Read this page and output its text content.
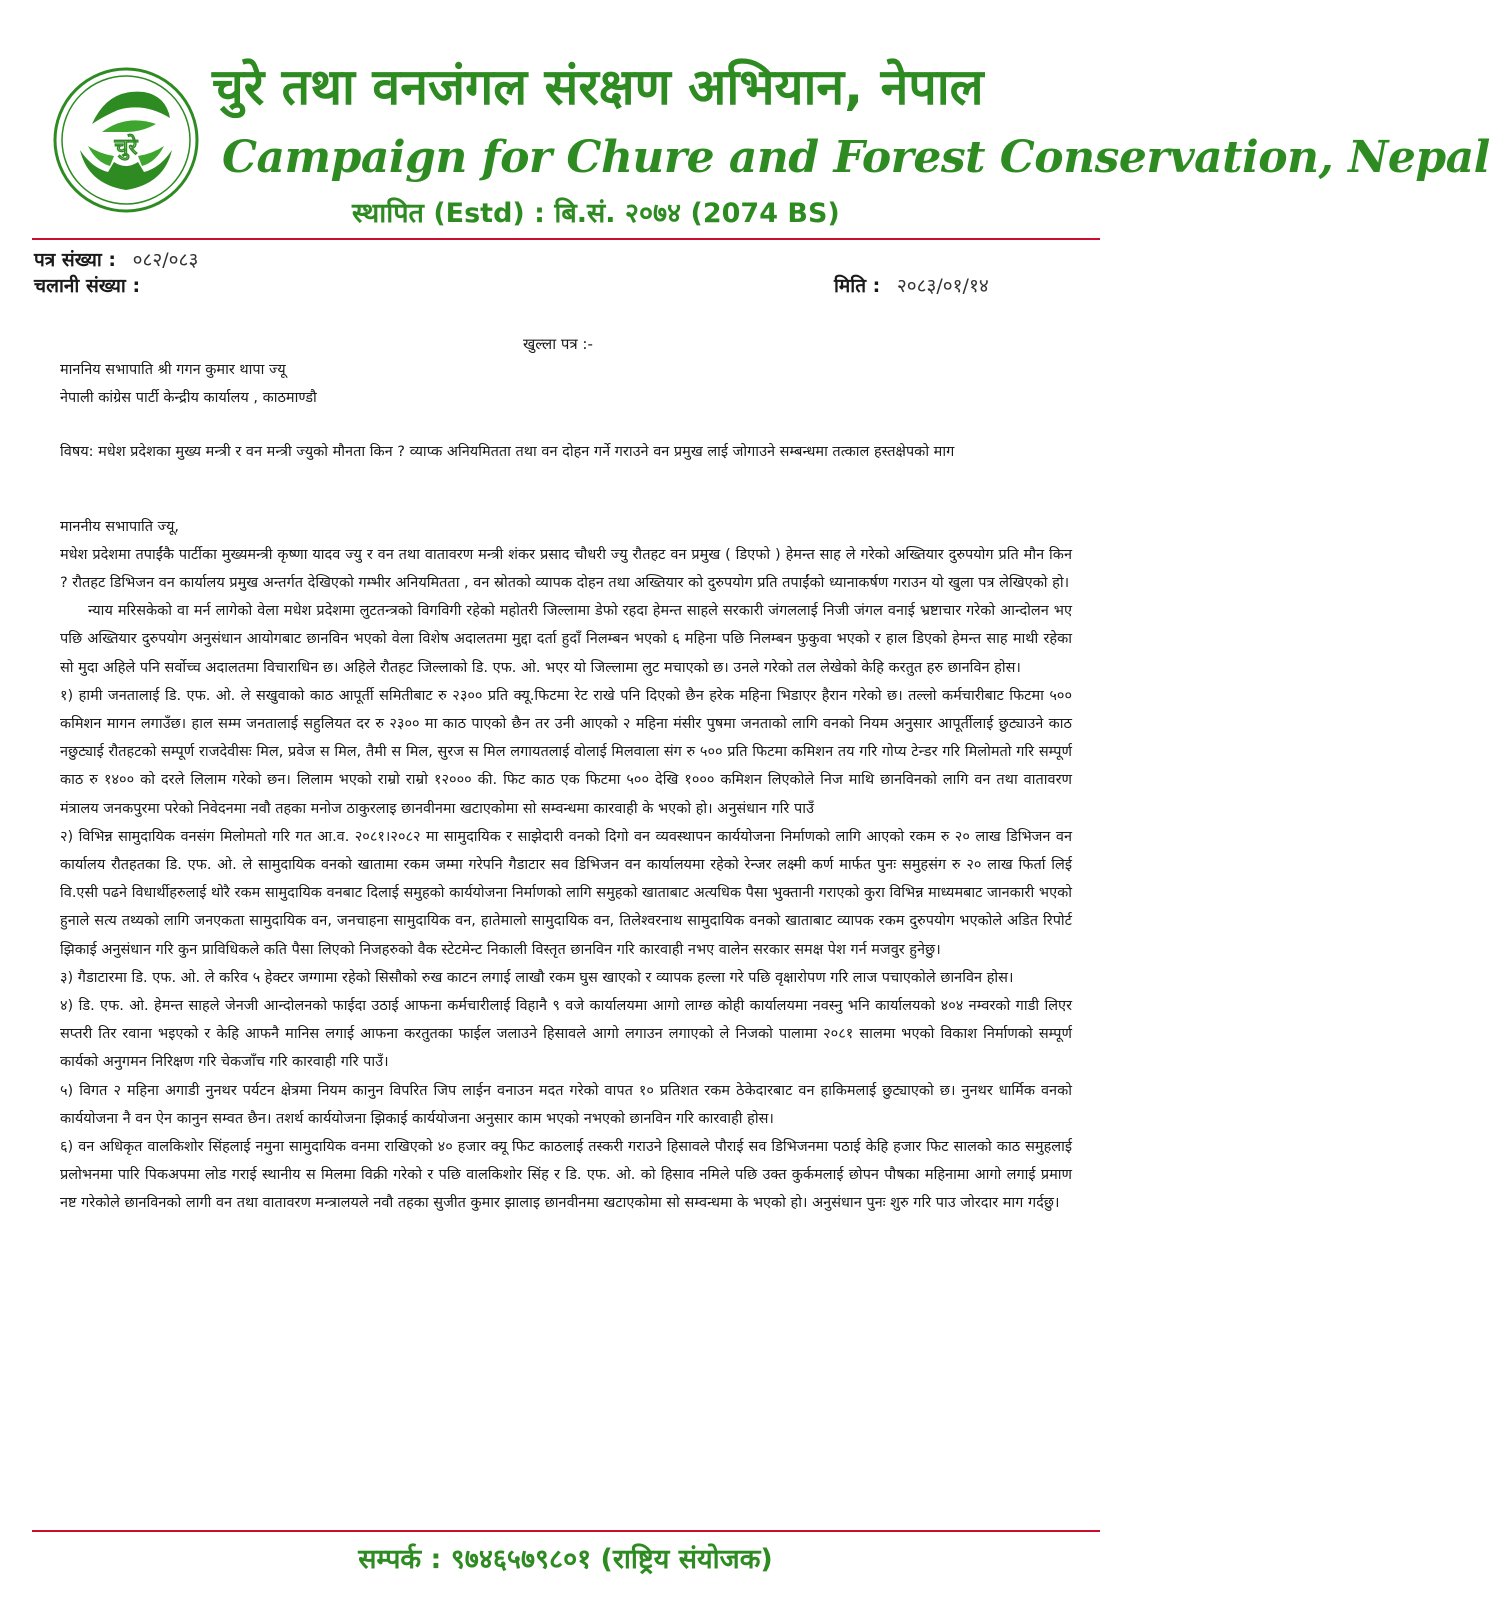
चुरे
चुरे तथा वनजंगल संरक्षण अभियान, नेपाल
Campaign for Chure and Forest Conservation, Nepal
स्थापित (Estd) : बि.सं. २०७४ (2074 BS)
पत्र संख्या : ०८२/०८३
चलानी संख्या :	मिति : २०८३/०१/१४
खुल्ला पत्र :-

माननिय सभापाति श्री गगन कुमार थापा ज्यू

नेपाली कांग्रेस पार्टी केन्द्रीय कार्यालय , काठमाण्डौ

विषय: मधेश प्रदेशका मुख्य मन्त्री र वन मन्त्री ज्युको मौनता किन ? व्याप्क अनियमितता तथा वन दोहन गर्ने गराउने वन प्रमुख लाई जोगाउने सम्बन्धमा तत्काल हस्तक्षेपको माग

माननीय सभापाति ज्यू,

मधेश प्रदेशमा तपाईंकै पार्टीका मुख्यमन्त्री कृष्णा यादव ज्यु र वन तथा वातावरण मन्त्री शंकर प्रसाद चौधरी ज्यु रौतहट वन प्रमुख ( डिएफो ) हेमन्त साह ले गरेको अख्तियार दुरुपयोग प्रति मौन किन ? रौतहट डिभिजन वन कार्यालय प्रमुख अन्तर्गत देखिएको गम्भीर अनियमितता , वन स्रोतको व्यापक दोहन तथा अख्तियार को दुरुपयोग प्रति तपाईंको ध्यानाकर्षण गराउन यो खुला पत्र लेखिएको हो।

न्याय मरिसकेको वा मर्न लागेको वेला मधेश प्रदेशमा लुटतन्त्रको विगविगी रहेको महोतरी जिल्लामा डेफो रहदा हेमन्त साहले सरकारी जंगललाई निजी जंगल वनाई भ्रष्टाचार गरेको आन्दोलन भए पछि अख्तियार दुरुपयोग अनुसंधान आयोगबाट छानविन भएको वेला विशेष अदालतमा मुद्दा दर्ता हुदाँ निलम्बन भएको ६ महिना पछि निलम्बन फुकुवा भएको र हाल डिएको हेमन्त साह माथी रहेका सो मुदा अहिले पनि सर्वोच्च अदालतमा विचाराधिन छ। अहिले रौतहट जिल्लाको डि. एफ. ओ. भएर यो जिल्लामा लुट मचाएको छ। उनले गरेको तल लेखेको केहि करतुत हरु छानविन होस।

१) हामी जनतालाई डि. एफ. ओ. ले सखुवाको काठ आपूर्ती समितीबाट रु २३०० प्रति क्यू.फिटमा रेट राखे पनि दिएको छैन हरेक महिना भिडाएर हैरान गरेको छ। तल्लो कर्मचारीबाट फिटमा ५०० कमिशन मागन लगाउँछ। हाल सम्म जनतालाई सहुलियत दर रु २३०० मा काठ पाएको छैन तर उनी आएको २ महिना मंसीर पुषमा जनताको लागि वनको नियम अनुसार आपूर्तीलाई छुट्याउने काठ नछुट्याई रौतहटको सम्पूर्ण राजदेवीसः मिल, प्रवेज स मिल, तैमी स मिल, सुरज स मिल लगायतलाई वोलाई मिलवाला संग रु ५०० प्रति फिटमा कमिशन तय गरि गोप्य टेन्डर गरि मिलोमतो गरि सम्पूर्ण काठ रु १४०० को दरले लिलाम गरेको छन। लिलाम भएको राम्रो राम्रो १२००० की. फिट काठ एक फिटमा ५०० देखि १००० कमिशन लिएकोले निज माथि छानविनको लागि वन तथा वातावरण मंत्रालय जनकपुरमा परेको निवेदनमा नवौ तहका मनोज ठाकुरलाइ छानवीनमा खटाएकोमा सो सम्वन्धमा कारवाही के भएको हो। अनुसंधान गरि पाउँ

२) विभिन्न सामुदायिक वनसंग मिलोमतो गरि गत आ.व. २०८१।२०८२ मा सामुदायिक र साझेदारी वनको दिगो वन व्यवस्थापन कार्ययोजना निर्माणको लागि आएको रकम रु २० लाख डिभिजन वन कार्यालय रौतहतका डि. एफ. ओ. ले सामुदायिक वनको खातामा रकम जम्मा गरेपनि गैडाटार सव डिभिजन वन कार्यालयमा रहेको रेन्जर लक्ष्मी कर्ण मार्फत पुनः समुहसंग रु २० लाख फिर्ता लिई वि.एसी पढने विधार्थीहरुलाई थोरै रकम सामुदायिक वनबाट दिलाई समुहको कार्ययोजना निर्माणको लागि समुहको खाताबाट अत्यधिक पैसा भुक्तानी गराएको कुरा विभिन्न माध्यमबाट जानकारी भएको हुनाले सत्य तथ्यको लागि जनएकता सामुदायिक वन, जनचाहना सामुदायिक वन, हातेमालो सामुदायिक वन, तिलेश्वरनाथ सामुदायिक वनको खाताबाट व्यापक रकम दुरुपयोग भएकोले अडित रिपोर्ट झिकाई अनुसंधान गरि कुन प्राविधिकले कति पैसा लिएको निजहरुको वैक स्टेटमेन्ट निकाली विस्तृत छानविन गरि कारवाही नभए वालेन सरकार समक्ष पेश गर्न मजवुर हुनेछु।

३) गैडाटारमा डि. एफ. ओ. ले करिव ५ हेक्टर जग्गामा रहेको सिसौको रुख काटन लगाई लाखौ रकम घुस खाएको र व्यापक हल्ला गरे पछि वृक्षारोपण गरि लाज पचाएकोले छानविन होस।

४) डि. एफ. ओ. हेमन्त साहले जेनजी आन्दोलनको फाईदा उठाई आफना कर्मचारीलाई विहानै ९ वजे कार्यालयमा आगो लाग्छ कोही कार्यालयमा नवस्नु भनि कार्यालयको ४०४ नम्वरको गाडी लिएर सप्तरी तिर रवाना भइएको र केहि आफनै मानिस लगाई आफना करतुतका फाईल जलाउने हिसावले आगो लगाउन लगाएको ले निजको पालामा २०८१ सालमा भएको विकाश निर्माणको सम्पूर्ण कार्यको अनुगमन निरिक्षण गरि चेकजाँच गरि कारवाही गरि पाउँ।

५) विगत २ महिना अगाडी नुनथर पर्यटन क्षेत्रमा नियम कानुन विपरित जिप लाईन वनाउन मदत गरेको वापत १० प्रतिशत रकम ठेकेदारबाट वन हाकिमलाई छुट्याएको छ। नुनथर धार्मिक वनको कार्ययोजना नै वन ऐन कानुन सम्वत छैन। तशर्थ कार्ययोजना झिकाई कार्ययोजना अनुसार काम भएको नभएको छानविन गरि कारवाही होस।

६) वन अधिकृत वालकिशोर सिंहलाई नमुना सामुदायिक वनमा राखिएको ४० हजार क्यू फिट काठलाई तस्करी गराउने हिसावले पौराई सव डिभिजनमा पठाई केहि हजार फिट सालको काठ समुहलाई प्रलोभनमा पारि पिकअपमा लोड गराई स्थानीय स मिलमा विक्री गरेको र पछि वालकिशोर सिंह र डि. एफ. ओ. को हिसाव नमिले पछि उक्त कुर्कमलाई छोपन पौषका महिनामा आगो लगाई प्रमाण नष्ट गरेकोले छानविनको लागी वन तथा वातावरण मन्त्रालयले नवौ तहका सुजीत कुमार झालाइ छानवीनमा खटाएकोमा सो सम्वन्धमा के भएको हो। अनुसंधान पुनः शुरु गरि पाउ जोरदार माग गर्दछु।

सम्पर्क : ९७४६५७९८०१ (राष्ट्रिय संयोजक)
